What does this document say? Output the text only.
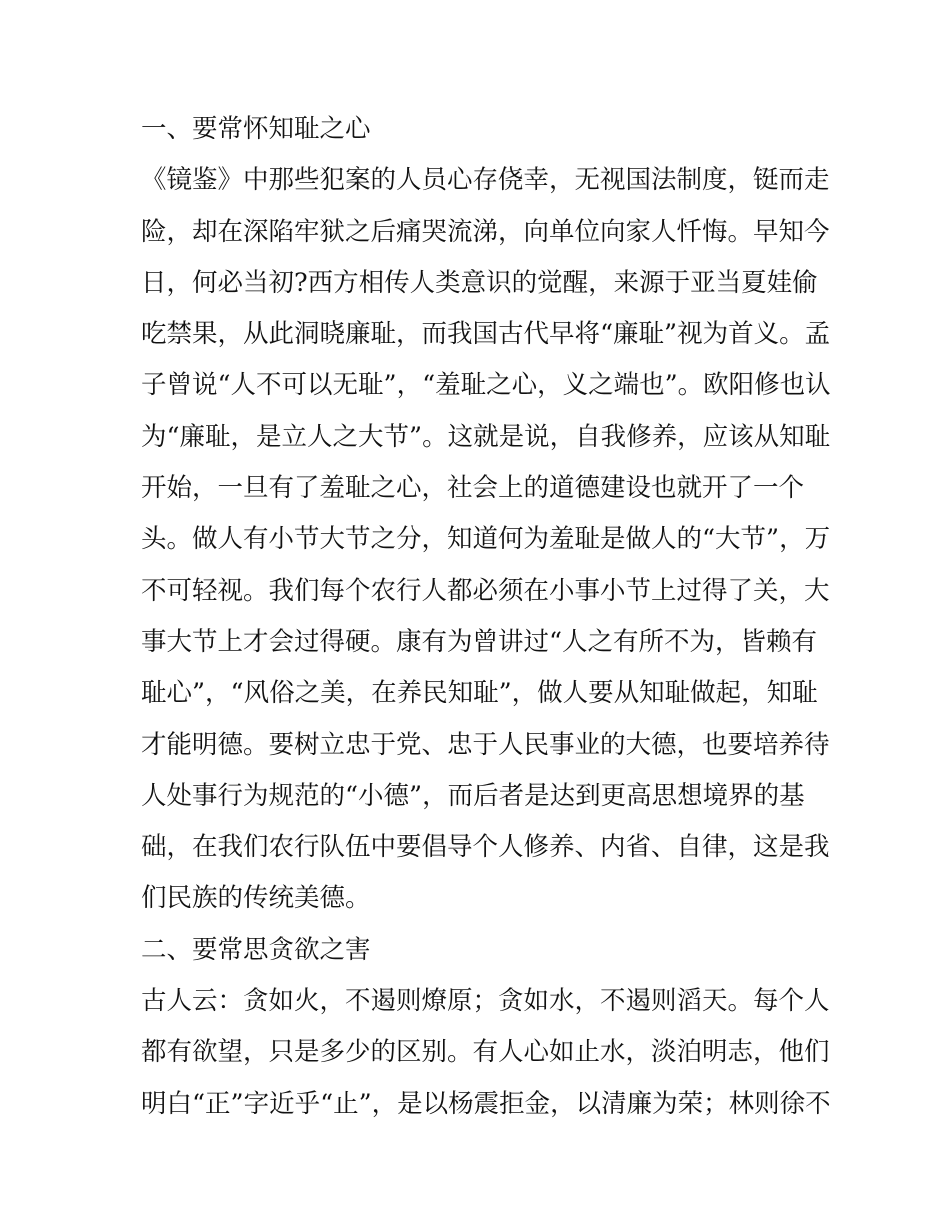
一、要常怀知耻之心
《镜鉴》中那些犯案的人员心存侥幸，无视国法制度，铤而走
险，却在深陷牢狱之后痛哭流涕，向单位向家人忏悔。早知今
日，何必当初?西方相传人类意识的觉醒，来源于亚当夏娃偷
吃禁果，从此洞晓廉耻，而我国古代早将“廉耻”视为首义。孟
子曾说“人不可以无耻”，“羞耻之心，义之端也”。欧阳修也认
为“廉耻，是立人之大节”。这就是说，自我修养，应该从知耻
开始，一旦有了羞耻之心，社会上的道德建设也就开了一个
头。做人有小节大节之分，知道何为羞耻是做人的“大节”，万
不可轻视。我们每个农行人都必须在小事小节上过得了关，大
事大节上才会过得硬。康有为曾讲过“人之有所不为，皆赖有
耻心”，“风俗之美，在养民知耻”，做人要从知耻做起，知耻
才能明德。要树立忠于党、忠于人民事业的大德，也要培养待
人处事行为规范的“小德”，而后者是达到更高思想境界的基
础，在我们农行队伍中要倡导个人修养、内省、自律，这是我
们民族的传统美德。
二、要常思贪欲之害
古人云：贪如火，不遏则燎原；贪如水，不遏则滔天。每个人
都有欲望，只是多少的区别。有人心如止水，淡泊明志，他们
明白“正”字近乎“止”，是以杨震拒金，以清廉为荣；林则徐不
